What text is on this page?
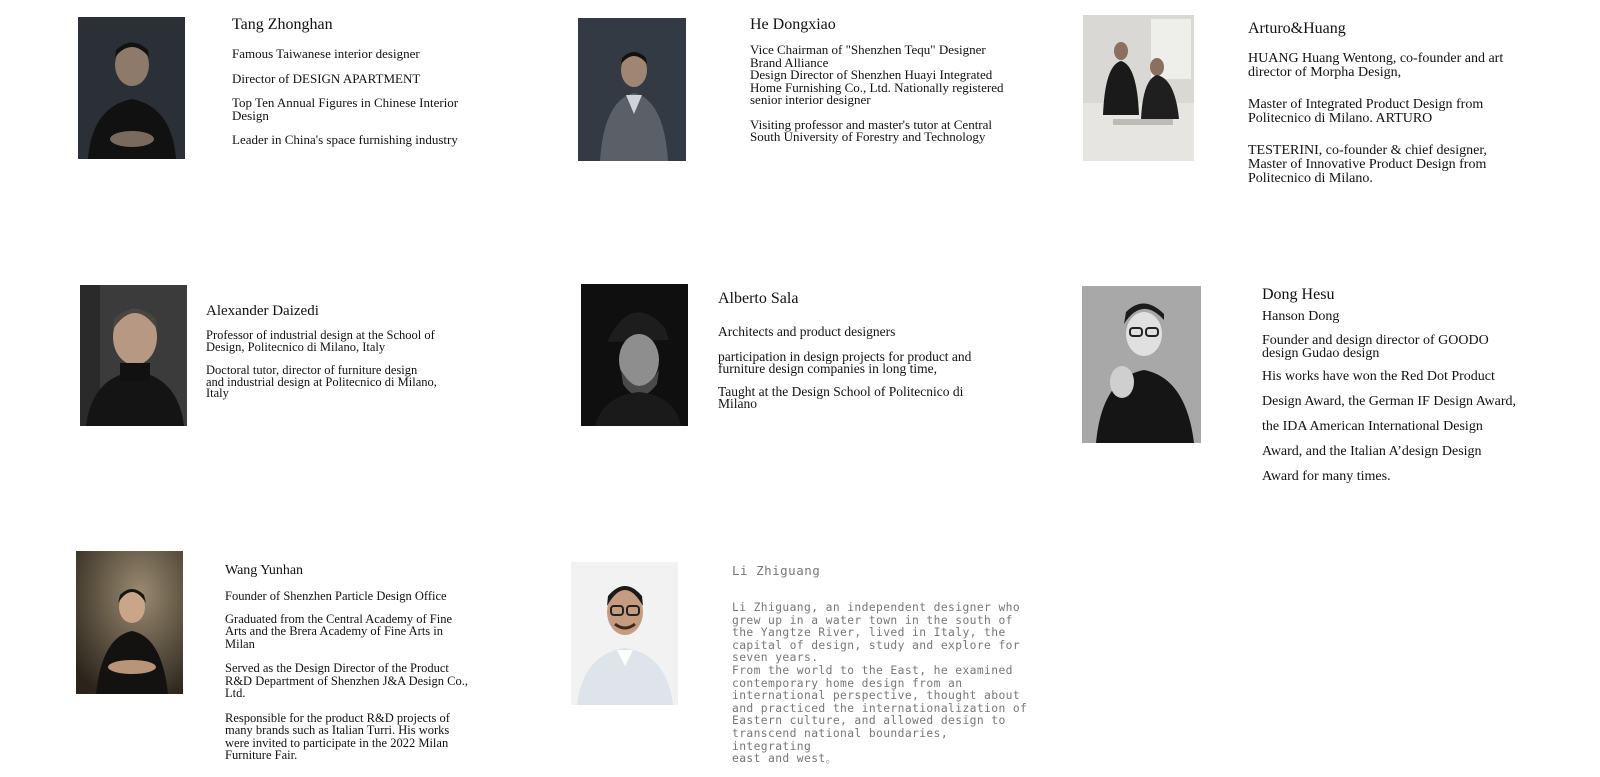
Tang Zhonghan

Famous Taiwanese interior designer

Director of DESIGN APARTMENT

Top Ten Annual Figures in Chinese Interior

Design

Leader in China's space furnishing industry

He Dongxiao

Vice Chairman of "Shenzhen Tequ" Designer

Brand Alliance

Design Director of Shenzhen Huayi Integrated

Home Furnishing Co., Ltd. Nationally registered

senior interior designer

Visiting professor and master's tutor at Central

South University of Forestry and Technology

Arturo&Huang

HUANG Huang Wentong, co-founder and art

director of Morpha Design,

Master of Integrated Product Design from

Politecnico di Milano. ARTURO

TESTERINI, co-founder & chief designer,

Master of Innovative Product Design from

Politecnico di Milano.

Alexander Daizedi

Professor of industrial design at the School of

Design, Politecnico di Milano, Italy

Doctoral tutor, director of furniture design

and industrial design at Politecnico di Milano,

Italy

Alberto Sala

Architects and product designers

participation in design projects for product and

furniture design companies in long time,

Taught at the Design School of Politecnico di

Milano

Dong Hesu

Hanson Dong

Founder and design director of GOODO

design Gudao design

His works have won the Red Dot Product

Design Award, the German IF Design Award,

the IDA American International Design

Award, and the Italian A’design Design

Award for many times.

Wang Yunhan

Founder of Shenzhen Particle Design Office

Graduated from the Central Academy of Fine

Arts and the Brera Academy of Fine Arts in

Milan

Served as the Design Director of the Product

R&D Department of Shenzhen J&A Design Co.,

Ltd.

Responsible for the product R&D projects of

many brands such as Italian Turri. His works

were invited to participate in the 2022 Milan

Furniture Fair.

Li Zhiguang

Li Zhiguang, an independent designer who

grew up in a water town in the south of

the Yangtze River, lived in Italy, the

capital of design, study and explore for

seven years.

From the world to the East, he examined

contemporary home design from an

international perspective, thought about

and practiced the internationalization of

Eastern culture, and allowed design to

transcend national boundaries, integrating

east and west。
